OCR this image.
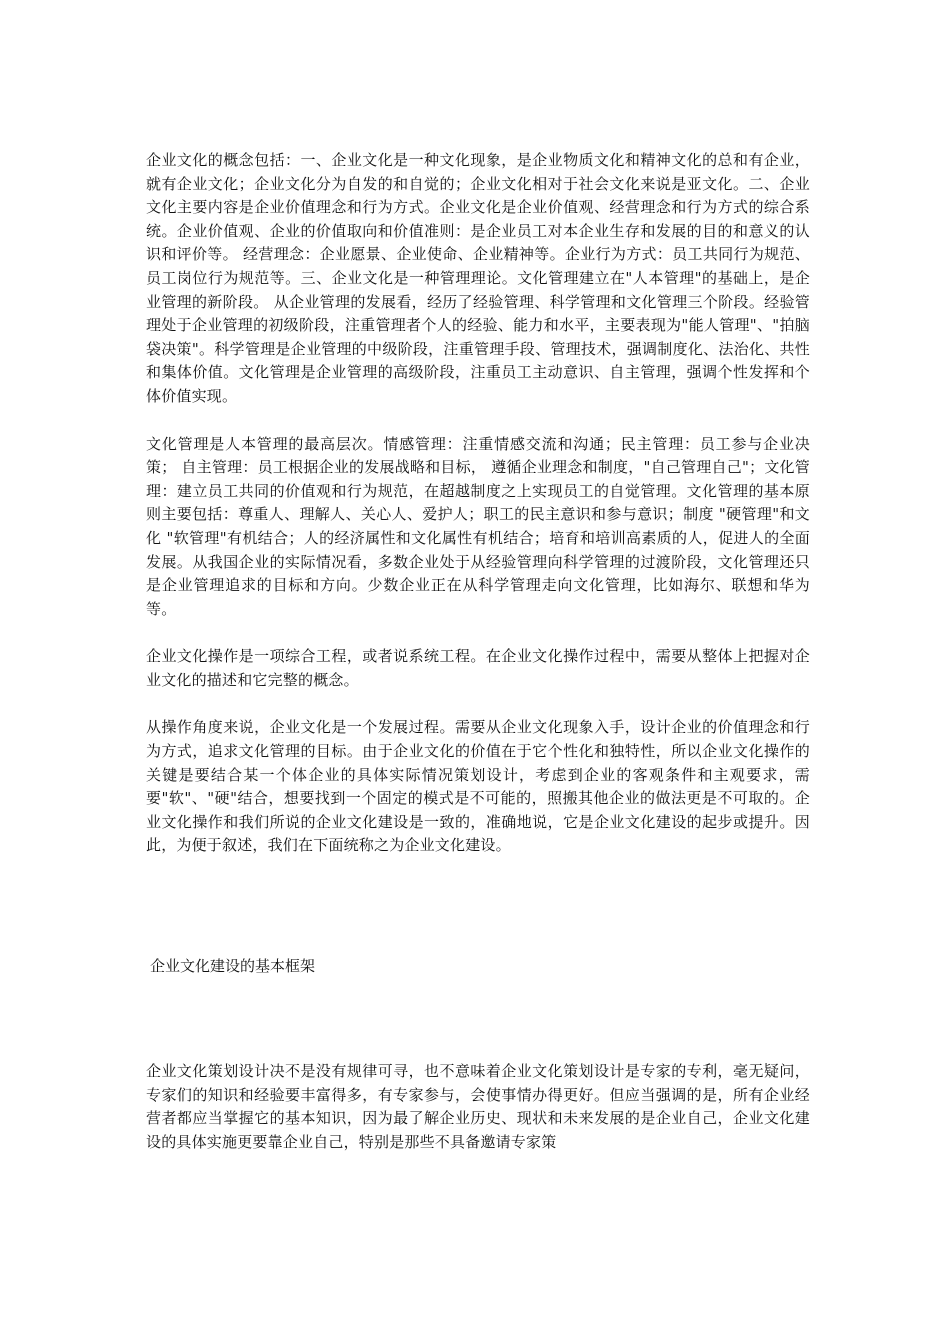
企业文化的概念包括：一、企业文化是一种文化现象，是企业物质文化和精神文化的总和有企业，就有企业文化；企业文化分为自发的和自觉的；企业文化相对于社会文化来说是亚文化。二、企业文化主要内容是企业价值理念和行为方式。企业文化是企业价值观、经营理念和行为方式的综合系统。企业价值观、企业的价值取向和价值准则：是企业员工对本企业生存和发展的目的和意义的认识和评价等。 经营理念：企业愿景、企业使命、企业精神等。企业行为方式：员工共同行为规范、员工岗位行为规范等。三、企业文化是一种管理理论。文化管理建立在"人本管理"的基础上，是企业管理的新阶段。 从企业管理的发展看，经历了经验管理、科学管理和文化管理三个阶段。经验管理处于企业管理的初级阶段，注重管理者个人的经验、能力和水平，主要表现为"能人管理"、"拍脑袋决策"。科学管理是企业管理的中级阶段，注重管理手段、管理技术，强调制度化、法治化、共性和集体价值。文化管理是企业管理的高级阶段，注重员工主动意识、自主管理，强调个性发挥和个体价值实现。

文化管理是人本管理的最高层次。情感管理：注重情感交流和沟通；民主管理：员工参与企业决策； 自主管理：员工根据企业的发展战略和目标， 遵循企业理念和制度，"自己管理自己"；文化管理：建立员工共同的价值观和行为规范，在超越制度之上实现员工的自觉管理。文化管理的基本原则主要包括：尊重人、理解人、关心人、爱护人；职工的民主意识和参与意识；制度 "硬管理"和文化 "软管理"有机结合；人的经济属性和文化属性有机结合；培育和培训高素质的人，促进人的全面发展。从我国企业的实际情况看，多数企业处于从经验管理向科学管理的过渡阶段，文化管理还只是企业管理追求的目标和方向。少数企业正在从科学管理走向文化管理，比如海尔、联想和华为等。

企业文化操作是一项综合工程，或者说系统工程。在企业文化操作过程中，需要从整体上把握对企业文化的描述和它完整的概念。

从操作角度来说，企业文化是一个发展过程。需要从企业文化现象入手，设计企业的价值理念和行为方式，追求文化管理的目标。由于企业文化的价值在于它个性化和独特性，所以企业文化操作的关键是要结合某一个体企业的具体实际情况策划设计，考虑到企业的客观条件和主观要求，需要"软"、"硬"结合，想要找到一个固定的模式是不可能的，照搬其他企业的做法更是不可取的。企业文化操作和我们所说的企业文化建设是一致的，准确地说，它是企业文化建设的起步或提升。因此，为便于叙述，我们在下面统称之为企业文化建设。

企业文化建设的基本框架

企业文化策划设计决不是没有规律可寻，也不意味着企业文化策划设计是专家的专利，毫无疑问，专家们的知识和经验要丰富得多，有专家参与，会使事情办得更好。但应当强调的是，所有企业经营者都应当掌握它的基本知识，因为最了解企业历史、现状和未来发展的是企业自己，企业文化建设的具体实施更要靠企业自己，特别是那些不具备邀请专家策
